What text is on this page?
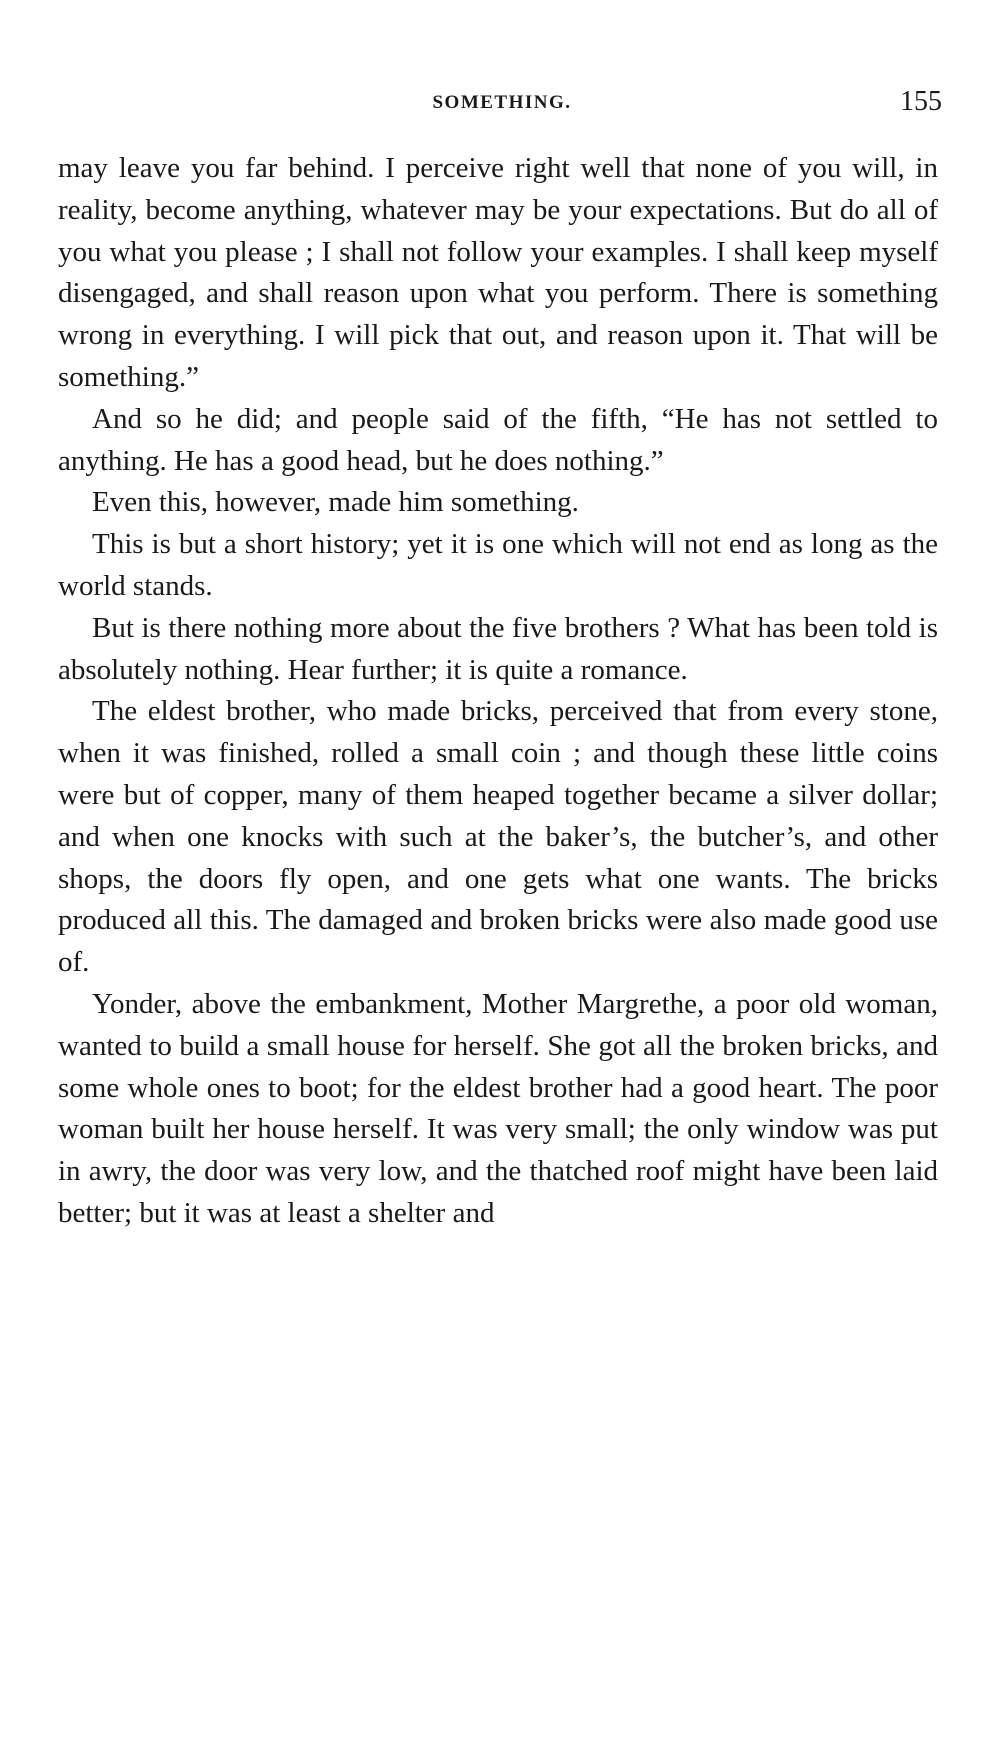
SOMETHING.	155

may leave you far behind. I perceive right well that none of you will, in reality, become anything, whatever may be your expectations. But do all of you what you please ; I shall not follow your examples. I shall keep myself disengaged, and shall reason upon what you perform. There is something wrong in everything. I will pick that out, and reason upon it. That will be something.”

And so he did; and people said of the fifth, “He has not settled to anything. He has a good head, but he does nothing.”

Even this, however, made him something.

This is but a short history; yet it is one which will not end as long as the world stands.

But is there nothing more about the five brothers ? What has been told is absolutely nothing. Hear further; it is quite a romance.

The eldest brother, who made bricks, perceived that from every stone, when it was finished, rolled a small coin ; and though these little coins were but of copper, many of them heaped together became a silver dollar; and when one knocks with such at the baker’s, the butcher’s, and other shops, the doors fly open, and one gets what one wants. The bricks produced all this. The damaged and broken bricks were also made good use of.

Yonder, above the embankment, Mother Margrethe, a poor old woman, wanted to build a small house for herself. She got all the broken bricks, and some whole ones to boot; for the eldest brother had a good heart. The poor woman built her house herself. It was very small; the only window was put in awry, the door was very low, and the thatched roof might have been laid better; but it was at least a shelter and
